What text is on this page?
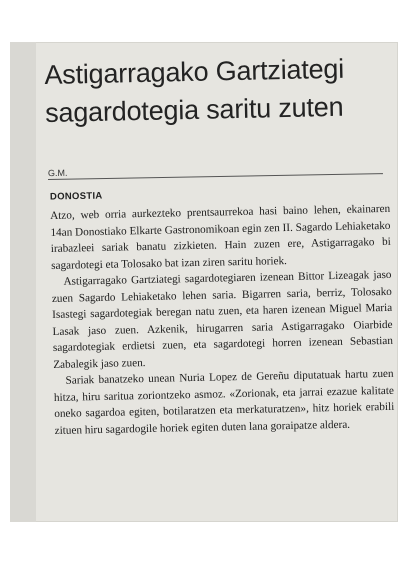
Astigarragako Gartziategi sagardotegia saritu zuten
G.M.
DONOSTIA

Atzo, web orria aurkezteko prentsaurrekoa hasi baino lehen, ekainaren 14an Donostiako Elkarte Gastronomikoan egin zen II. Sagardo Lehiaketako irabazleei sariak banatu zizkieten. Hain zuzen ere, Astigarragako bi sagardotegi eta Tolosako bat izan ziren saritu horiek.

Astigarragako Gartziategi sagardotegiaren izenean Bittor Lizeagak jaso zuen Sagardo Lehiaketako lehen saria. Bigarren saria, berriz, Tolosako Isastegi sagardotegiak beregan natu zuen, eta haren izenean Miguel Maria Lasak jaso zuen. Azkenik, hirugarren saria Astigarragako Oiarbide sagardotegiak erdietsi zuen, eta sagardotegi horren izenean Sebastian Zabalegik jaso zuen.

Sariak banatzeko unean Nuria Lopez de Gereñu diputatuak hartu zuen hitza, hiru saritua zoriontzeko asmoz. «Zorionak, eta jarrai ezazue kalitate oneko sagardoa egiten, botilaratzen eta merkaturatzen», hitz horiek erabili zituen hiru sagardogile horiek egiten duten lana goraipatze aldera.
